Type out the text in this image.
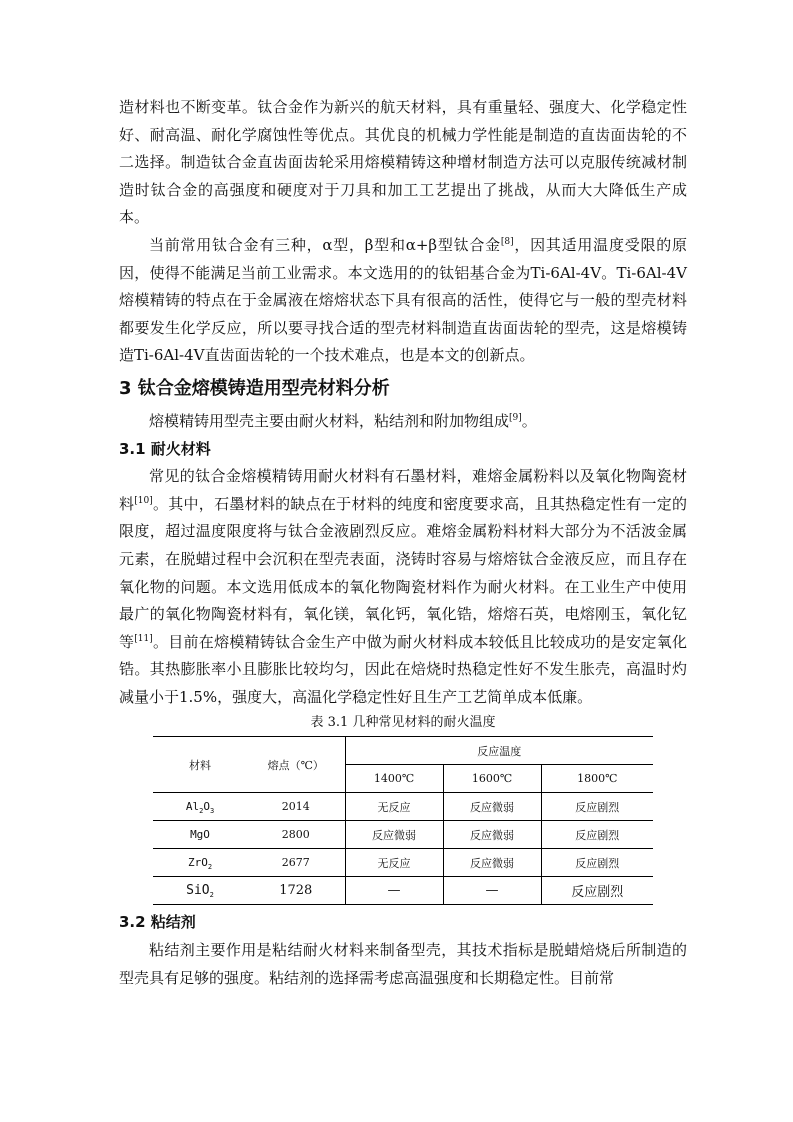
造材料也不断变革。钛合金作为新兴的航天材料，具有重量轻、强度大、化学稳定性好、耐高温、耐化学腐蚀性等优点。其优良的机械力学性能是制造的直齿面齿轮的不二选择。制造钛合金直齿面齿轮采用熔模精铸这种增材制造方法可以克服传统减材制造时钛合金的高强度和硬度对于刀具和加工工艺提出了挑战，从而大大降低生产成本。

当前常用钛合金有三种，α型，β型和α+β型钛合金[8]，因其适用温度受限的原因，使得不能满足当前工业需求。本文选用的的钛铝基合金为Ti-6Al-4V。Ti-6Al-4V熔模精铸的特点在于金属液在熔熔状态下具有很高的活性，使得它与一般的型壳材料都要发生化学反应，所以要寻找合适的型壳材料制造直齿面齿轮的型壳，这是熔模铸造Ti-6Al-4V直齿面齿轮的一个技术难点，也是本文的创新点。

3 钛合金熔模铸造用型壳材料分析

熔模精铸用型壳主要由耐火材料，粘结剂和附加物组成[9]。

3.1 耐火材料

常见的钛合金熔模精铸用耐火材料有石墨材料，难熔金属粉料以及氧化物陶瓷材料[10]。其中，石墨材料的缺点在于材料的纯度和密度要求高，且其热稳定性有一定的限度，超过温度限度将与钛合金液剧烈反应。难熔金属粉料材料大部分为不活波金属元素，在脱蜡过程中会沉积在型壳表面，浇铸时容易与熔熔钛合金液反应，而且存在氧化物的问题。本文选用低成本的氧化物陶瓷材料作为耐火材料。在工业生产中使用最广的氧化物陶瓷材料有，氧化镁，氧化钙，氧化锆，熔熔石英，电熔刚玉，氧化钇等[11]。目前在熔模精铸钛合金生产中做为耐火材料成本较低且比较成功的是安定氧化锆。其热膨胀率小且膨胀比较均匀，因此在焙烧时热稳定性好不发生胀壳，高温时灼减量小于1.5%，强度大，高温化学稳定性好且生产工艺简单成本低廉。

表 3.1 几种常见材料的耐火温度
材料	熔点（℃）	反应温度		
		1400℃	1600℃	1800℃
$Al_2O_3$	2014	无反应	反应微弱	反应剧烈
MgO	2800	反应微弱	反应微弱	反应剧烈
ZrO$_2$	2677	无反应	反应微弱	反应剧烈
SiO$_2$	1728	—	—	反应剧烈
3.2 粘结剂

粘结剂主要作用是粘结耐火材料来制备型壳，其技术指标是脱蜡焙烧后所制造的型壳具有足够的强度。粘结剂的选择需考虑高温强度和长期稳定性。目前常
